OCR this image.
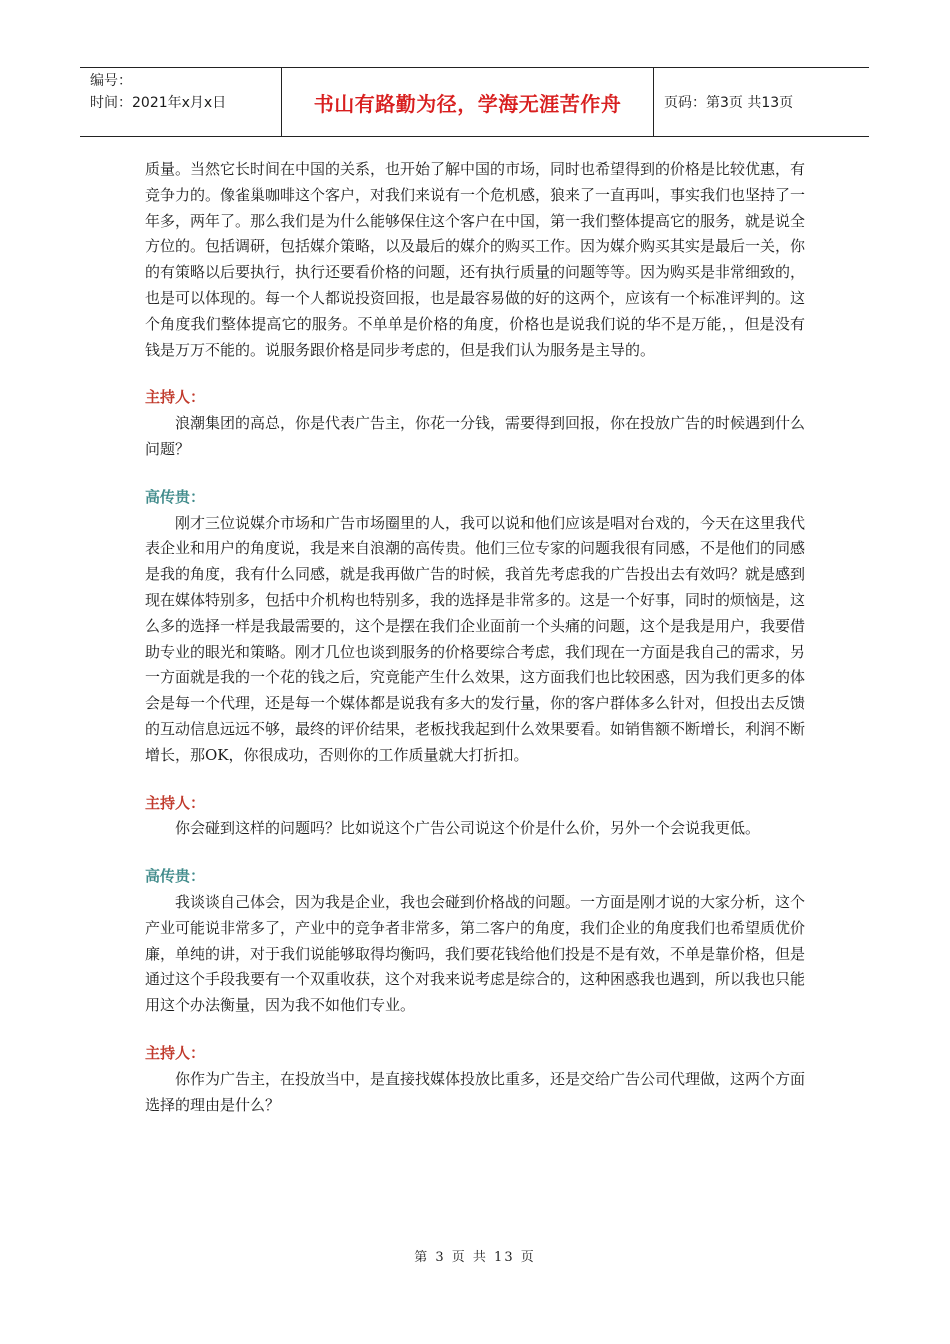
编号：
时间：2021年x月x日	书山有路勤为径，学海无涯苦作舟	页码：第3页 共13页

质量。当然它长时间在中国的关系，也开始了解中国的市场，同时也希望得到的价格是比较优惠，有竞争力的。像雀巢咖啡这个客户，对我们来说有一个危机感，狼来了一直再叫，事实我们也坚持了一年多，两年了。那么我们是为什么能够保住这个客户在中国，第一我们整体提高它的服务，就是说全方位的。包括调研，包括媒介策略，以及最后的媒介的购买工作。因为媒介购买其实是最后一关，你的有策略以后要执行，执行还要看价格的问题，还有执行质量的问题等等。因为购买是非常细致的，也是可以体现的。每一个人都说投资回报，也是最容易做的好的这两个，应该有一个标准评判的。这个角度我们整体提高它的服务。不单单是价格的角度，价格也是说我们说的华不是万能，，但是没有钱是万万不能的。说服务跟价格是同步考虑的，但是我们认为服务是主导的。

主持人：

浪潮集团的高总，你是代表广告主，你花一分钱，需要得到回报，你在投放广告的时候遇到什么问题？

高传贵：

刚才三位说媒介市场和广告市场圈里的人，我可以说和他们应该是唱对台戏的，今天在这里我代表企业和用户的角度说，我是来自浪潮的高传贵。他们三位专家的问题我很有同感，不是他们的同感是我的角度，我有什么同感，就是我再做广告的时候，我首先考虑我的广告投出去有效吗？就是感到现在媒体特别多，包括中介机构也特别多，我的选择是非常多的。这是一个好事，同时的烦恼是，这么多的选择一样是我最需要的，这个是摆在我们企业面前一个头痛的问题，这个是我是用户，我要借助专业的眼光和策略。刚才几位也谈到服务的价格要综合考虑，我们现在一方面是我自己的需求，另一方面就是我的一个花的钱之后，究竟能产生什么效果，这方面我们也比较困惑，因为我们更多的体会是每一个代理，还是每一个媒体都是说我有多大的发行量，你的客户群体多么针对，但投出去反馈的互动信息远远不够，最终的评价结果，老板找我起到什么效果要看。如销售额不断增长，利润不断增长，那OK，你很成功，否则你的工作质量就大打折扣。

主持人：

你会碰到这样的问题吗？比如说这个广告公司说这个价是什么价，另外一个会说我更低。

高传贵：

我谈谈自己体会，因为我是企业，我也会碰到价格战的问题。一方面是刚才说的大家分析，这个产业可能说非常多了，产业中的竞争者非常多，第二客户的角度，我们企业的角度我们也希望质优价廉，单纯的讲，对于我们说能够取得均衡吗，我们要花钱给他们投是不是有效，不单是靠价格，但是通过这个手段我要有一个双重收获，这个对我来说考虑是综合的，这种困惑我也遇到，所以我也只能用这个办法衡量，因为我不如他们专业。

主持人：

你作为广告主，在投放当中，是直接找媒体投放比重多，还是交给广告公司代理做，这两个方面选择的理由是什么？

第 3 页 共 13 页
